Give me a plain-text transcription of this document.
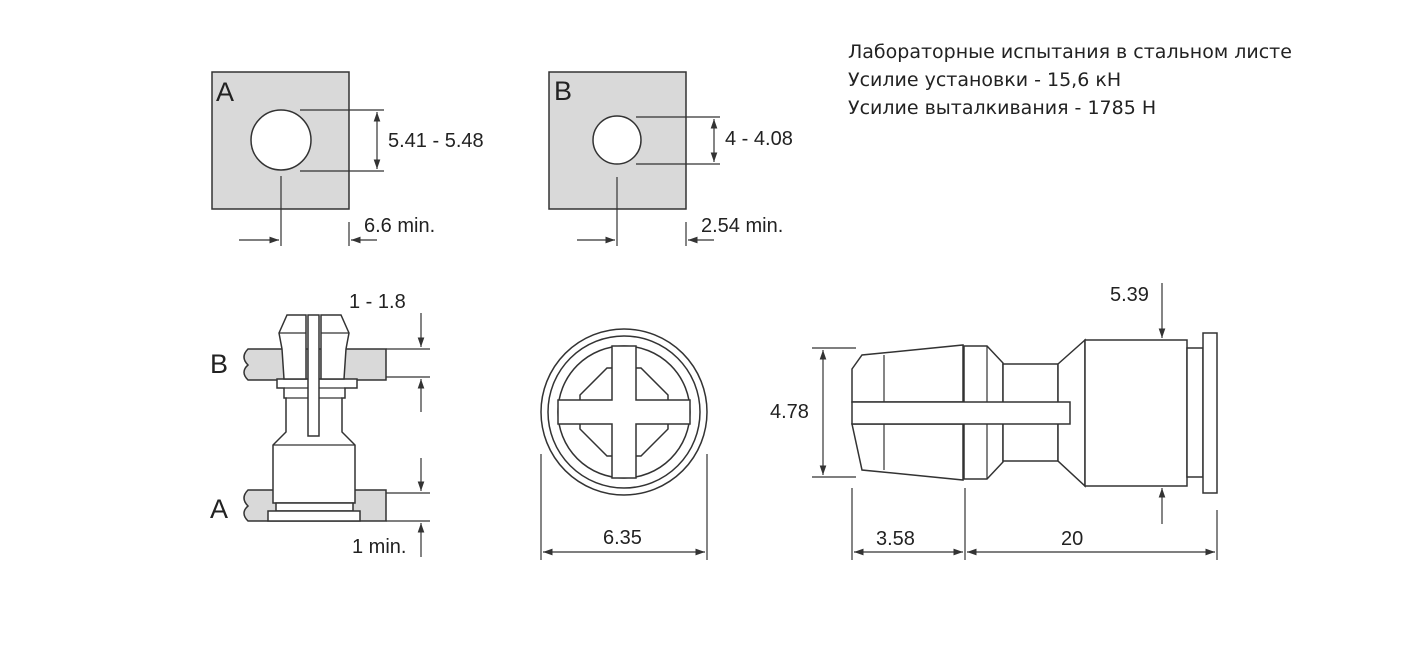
Лабораторные испытания в стальном листе
Усилие установки - 15,6 кН
Усилие выталкивания - 1785 Н
A
5.41 - 5.48
6.6 min.
B
4 - 4.08
2.54 min.
B
A
1 - 1.8
1 min.	6.35
4.78
5.39
3.58	20
